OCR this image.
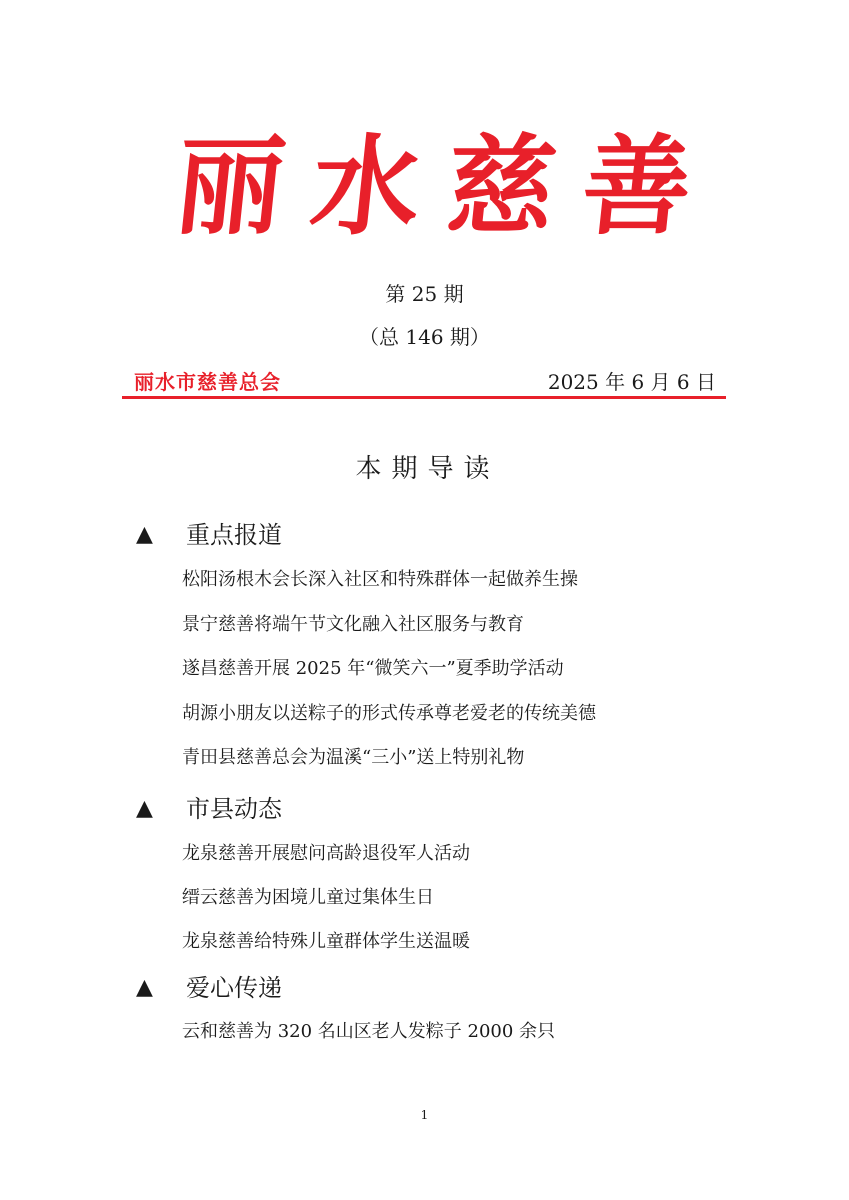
丽 水 慈 善
第 25 期
（总 146 期）
丽水市慈善总会	2025 年 6 月 6 日
本期导读
▲	重点报道
松阳汤根木会长深入社区和特殊群体一起做养生操
景宁慈善将端午节文化融入社区服务与教育
遂昌慈善开展 2025 年“微笑六一”夏季助学活动
胡源小朋友以送粽子的形式传承尊老爱老的传统美德
青田县慈善总会为温溪“三小”送上特别礼物
▲	市县动态
龙泉慈善开展慰问高龄退役军人活动
缙云慈善为困境儿童过集体生日
龙泉慈善给特殊儿童群体学生送温暖
▲	爱心传递
云和慈善为 320 名山区老人发粽子 2000 余只
1
